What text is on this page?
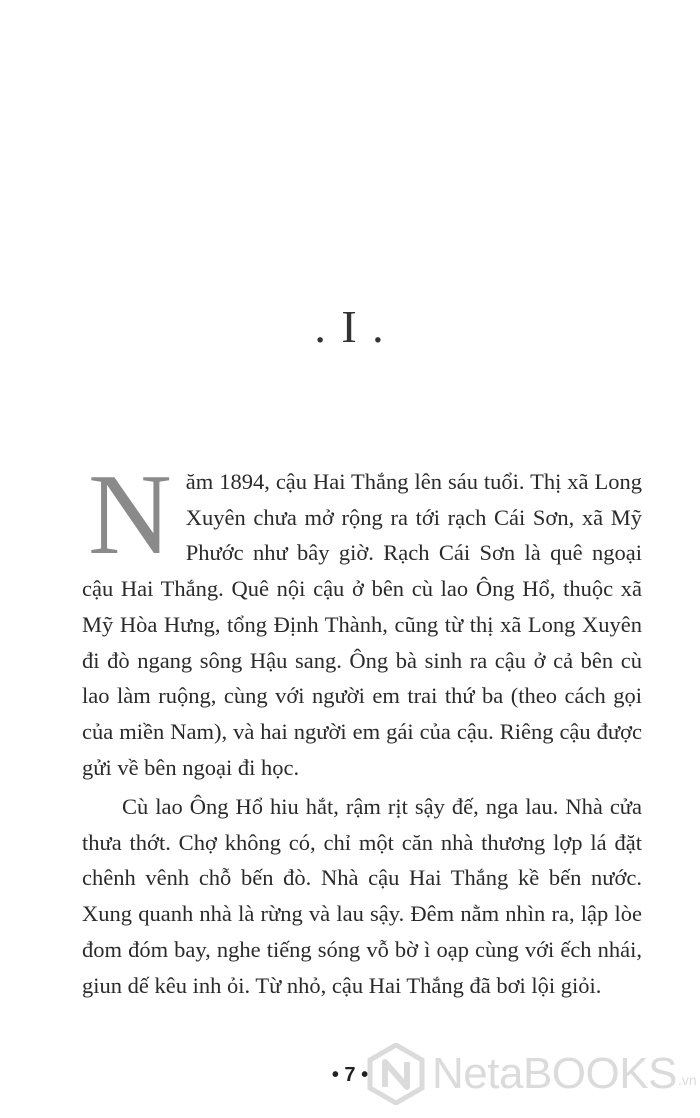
. I .

Năm 1894, cậu Hai Thắng lên sáu tuổi. Thị xã Long Xuyên chưa mở rộng ra tới rạch Cái Sơn, xã Mỹ Phước như bây giờ. Rạch Cái Sơn là quê ngoại cậu Hai Thắng. Quê nội cậu ở bên cù lao Ông Hổ, thuộc xã Mỹ Hòa Hưng, tổng Định Thành, cũng từ thị xã Long Xuyên đi đò ngang sông Hậu sang. Ông bà sinh ra cậu ở cả bên cù lao làm ruộng, cùng với người em trai thứ ba (theo cách gọi của miền Nam), và hai người em gái của cậu. Riêng cậu được gửi về bên ngoại đi học.

Cù lao Ông Hổ hiu hắt, rậm rịt sậy đế, nga lau. Nhà cửa thưa thớt. Chợ không có, chỉ một căn nhà thương lợp lá đặt chênh vênh chỗ bến đò. Nhà cậu Hai Thắng kề bến nước. Xung quanh nhà là rừng và lau sậy. Đêm nằm nhìn ra, lập lòe đom đóm bay, nghe tiếng sóng vỗ bờ ì oạp cùng với ếch nhái, giun dế kêu inh ỏi. Từ nhỏ, cậu Hai Thắng đã bơi lội giỏi.

• 7 •	NetaBOOKS .vn
